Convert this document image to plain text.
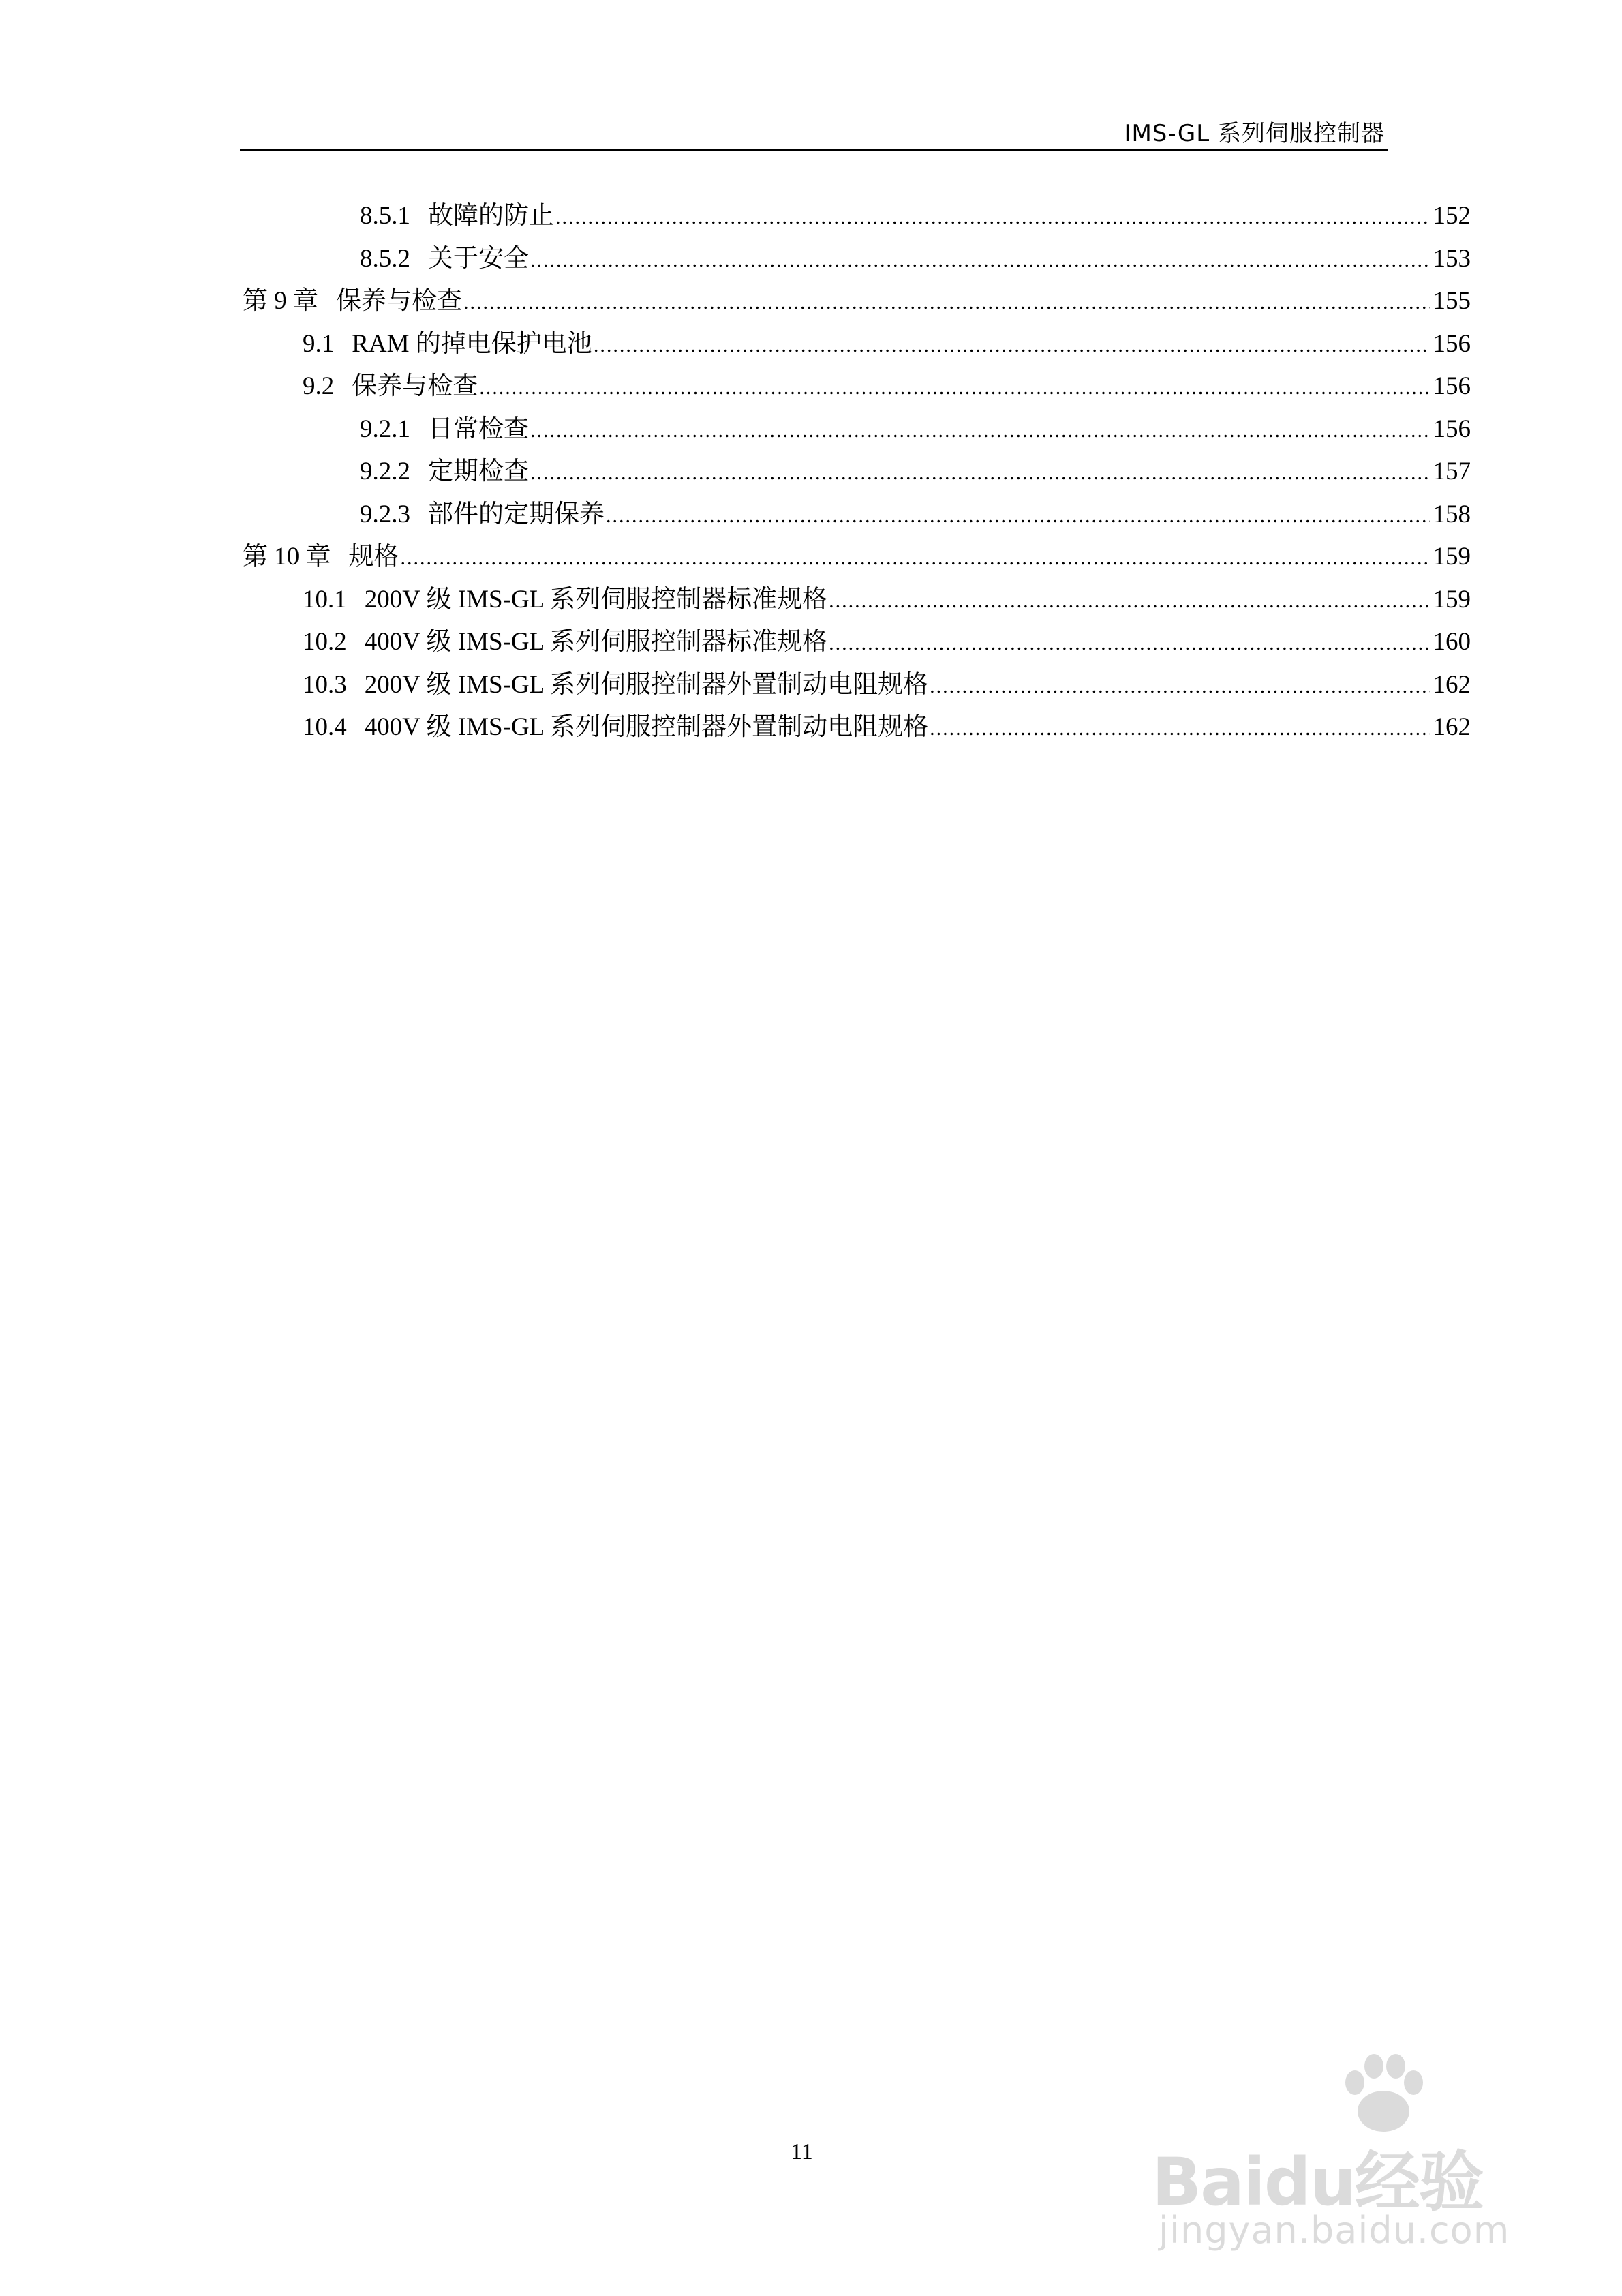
IMS-GL 系列伺服控制器
8.5.1 故障的防止 .....	152
8.5.2 关于安全 .....	153
第 9 章 保养与检查 .....	155
9.1 RAM 的掉电保护电池 .....	156
9.2 保养与检查 .....	156
9.2.1 日常检查 .....	156
9.2.2 定期检查 .....	157
9.2.3 部件的定期保养 .....	158
第 10 章 规格 .....	159
10.1 200V 级 IMS-GL 系列伺服控制器标准规格 .....	159
10.2 400V 级 IMS-GL 系列伺服控制器标准规格 .....	160
10.3 200V 级 IMS-GL 系列伺服控制器外置制动电阻规格 .....	162
10.4 400V 级 IMS-GL 系列伺服控制器外置制动电阻规格 .....	162
11	Baidu经验
jingyan.baidu.com
